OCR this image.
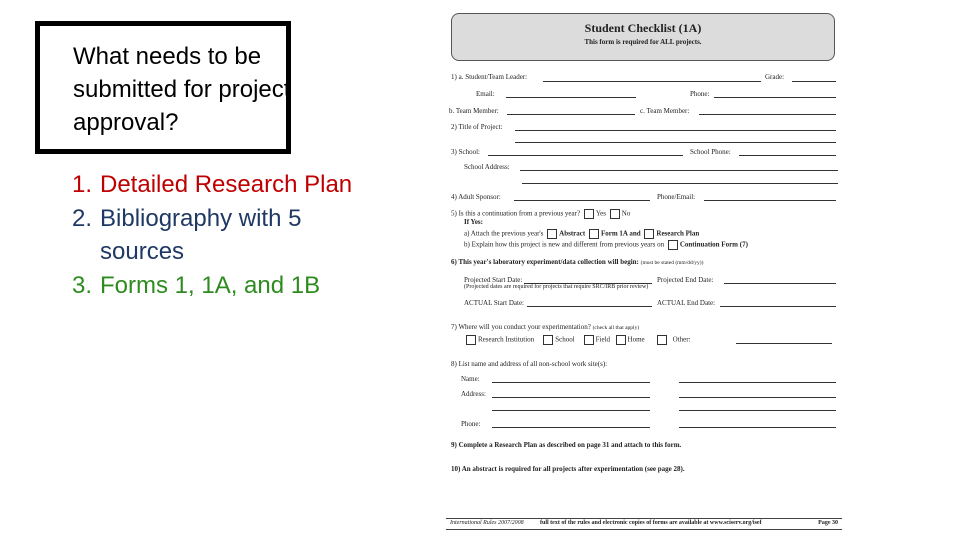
What needs to be submitted for project approval?
1. Detailed Research Plan
2. Bibliography with 5 sources
3. Forms 1, 1A, and 1B
Student Checklist (1A)
This form is required for ALL projects.
1) a. Student/Team Leader:	Grade:
Email:	Phone:
b. Team Member:	c. Team Member:
2) Title of Project:
3) School:	School Phone:
School Address:
4) Adult Sponsor:	Phone/Email:
5) Is this a continuation from a previous year? Yes No
If Yes:
a) Attach the previous year's Abstract Form 1A and Research Plan
b) Explain how this project is new and different from previous years on Continuation Form (7)
6) This year's laboratory experiment/data collection will begin: (must be stated (mm/dd/yy))
Projected Start Date:	Projected End Date:
(Projected dates are required for projects that require SRC/IRB prior review)
ACTUAL Start Date:	ACTUAL End Date:
7) Where will you conduct your experimentation? (check all that apply)
Research Institution	School	Field	Home	Other:
8) List name and address of all non-school work site(s):
Name:
Address:
Phone:
9) Complete a Research Plan as described on page 31 and attach to this form.
10) An abstract is required for all projects after experimentation (see page 28).
International Rules 2007/2008	full text of the rules and electronic copies of forms are available at www.sciserv.org/isef	Page 30
